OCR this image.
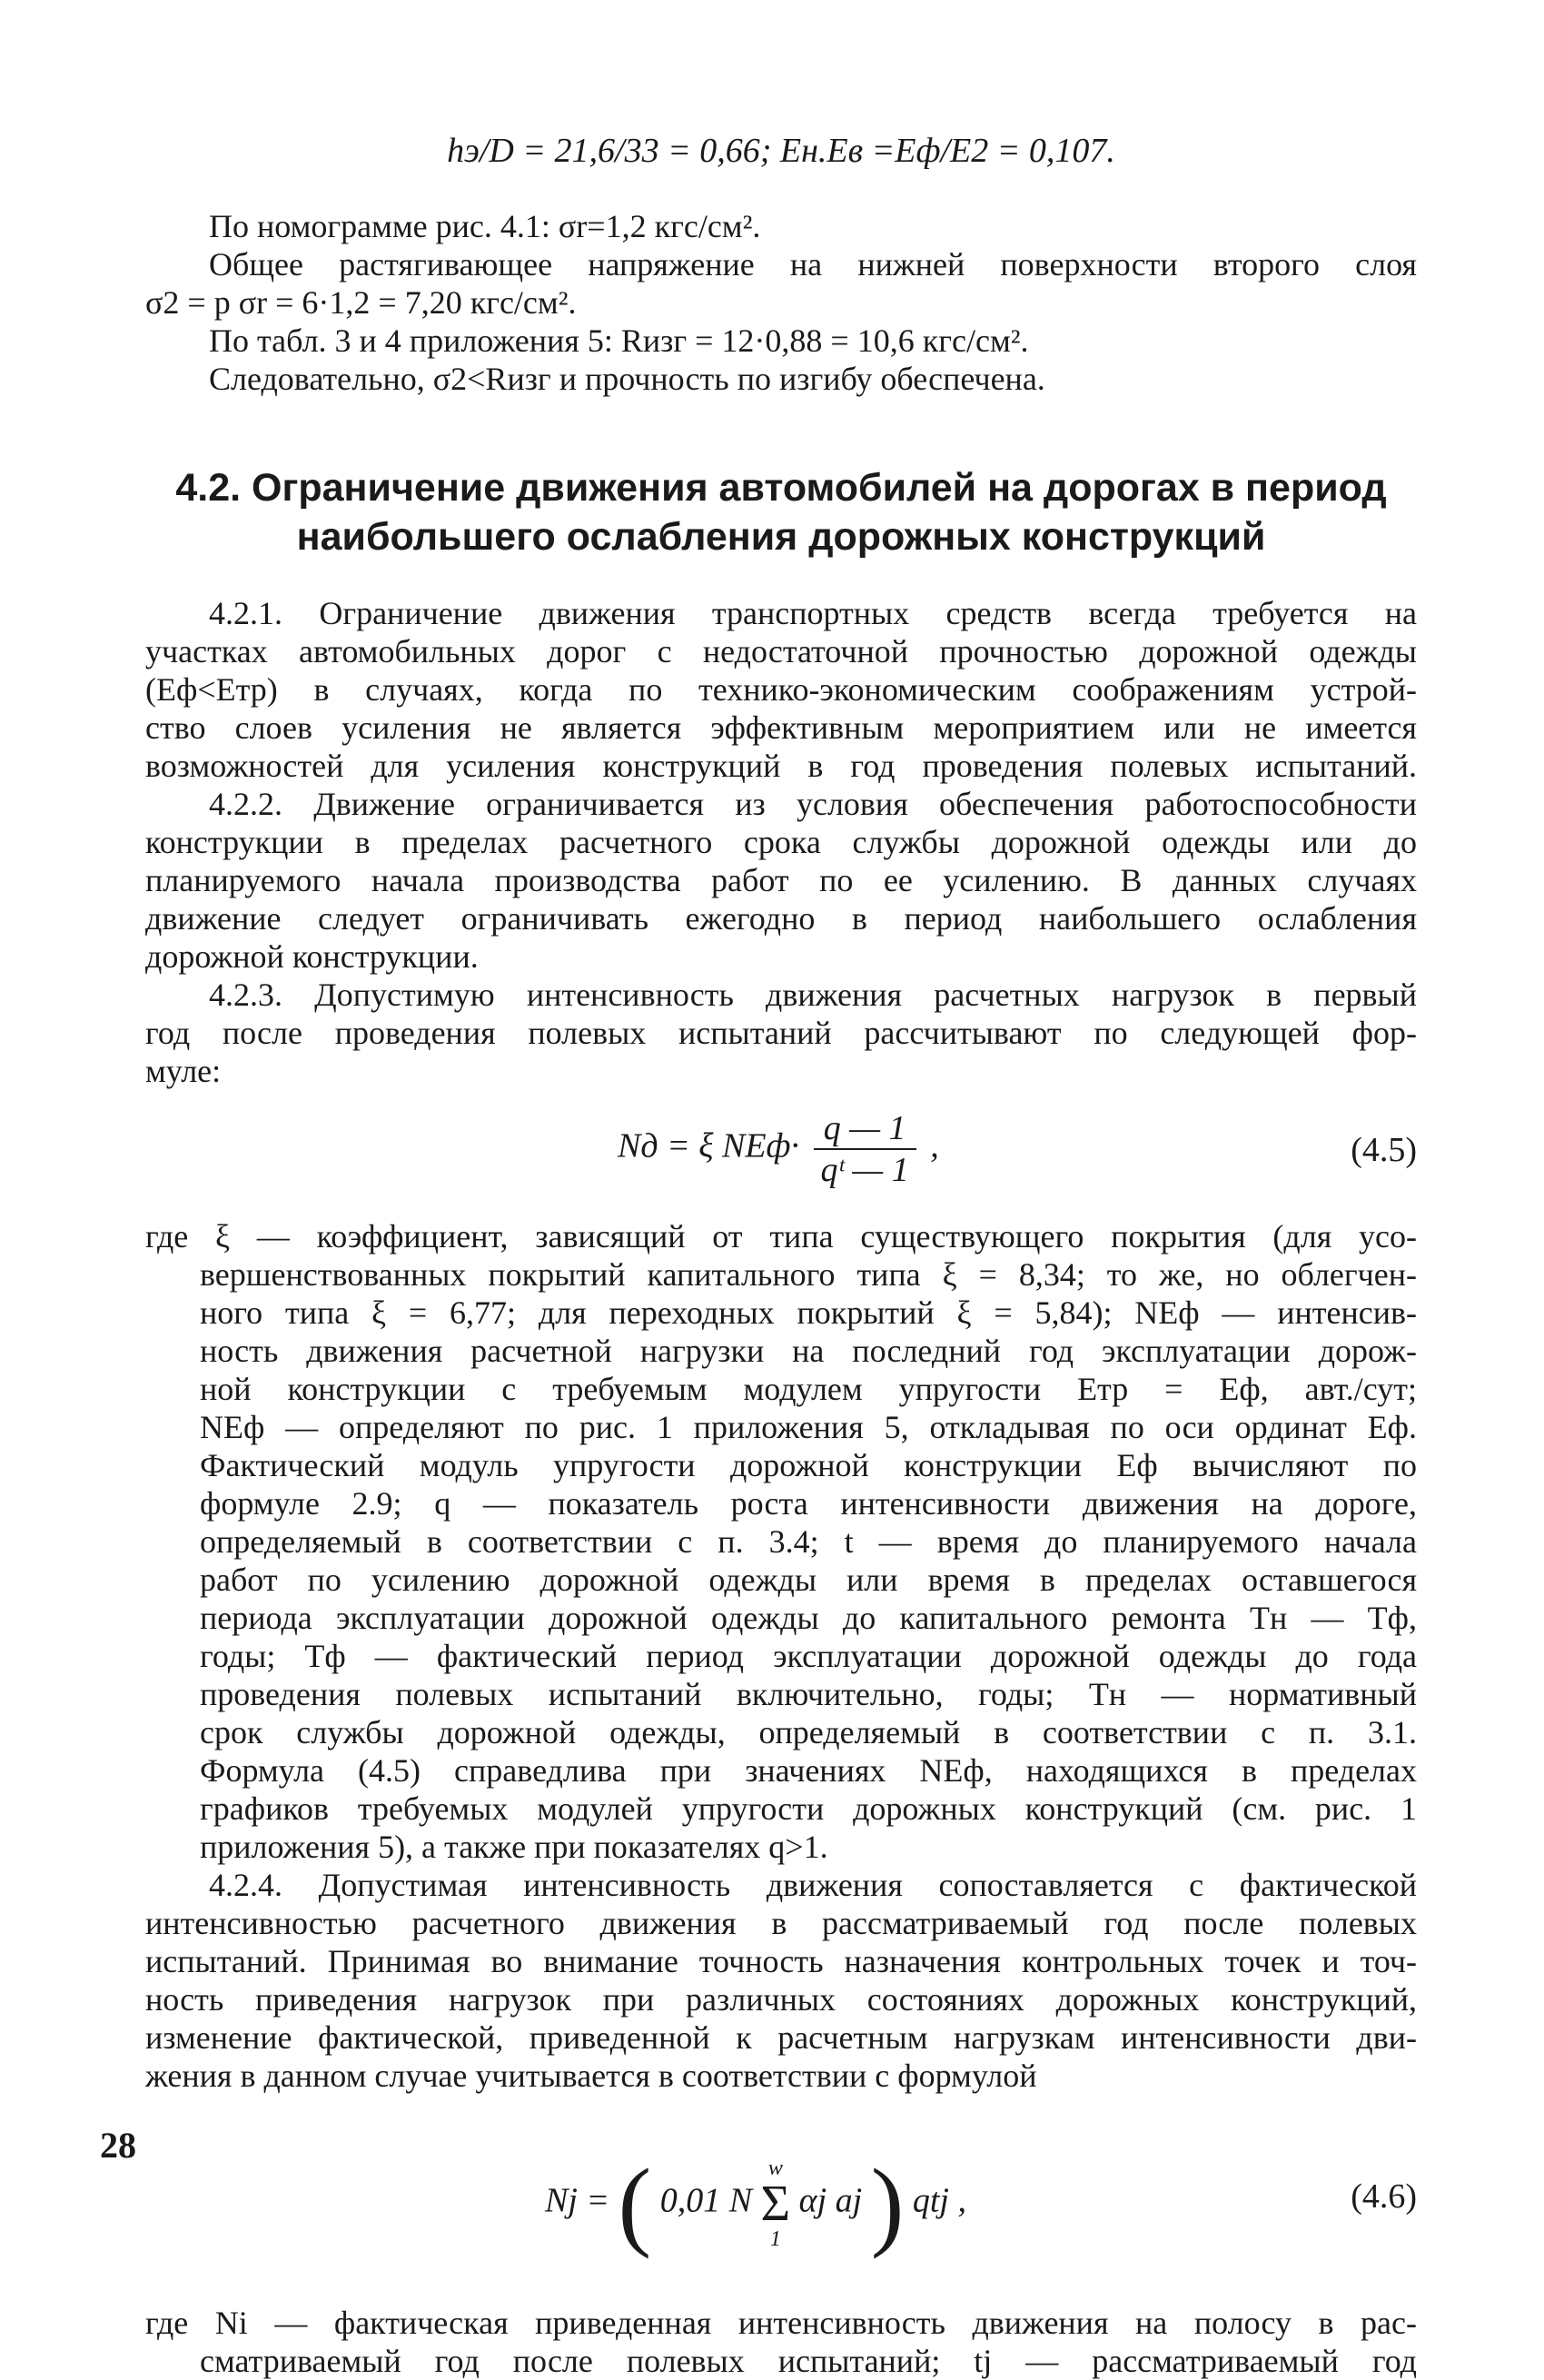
hэ/D = 21,6/33 = 0,66; Eн.Eв =Eф/E2 = 0,107.
По номограмме рис. 4.1: σr=1,2 кгс/см².
Общее растягивающее напряжение на нижней поверхности второго слоя
σ2 = p σr = 6·1,2 = 7,20 кгс/см².
По табл. 3 и 4 приложения 5: Rизг = 12·0,88 = 10,6 кгс/см².
Следовательно, σ2<Rизг и прочность по изгибу обеспечена.
4.2. Ограничение движения автомобилей на дорогах в период
наибольшего ослабления дорожных конструкций
4.2.1. Ограничение движения транспортных средств всегда требуется на
участках автомобильных дорог с недостаточной прочностью дорожной одежды
(Eф<Eтр) в случаях, когда по технико-экономическим соображениям устрой-
ство слоев усиления не является эффективным мероприятием или не имеется
возможностей для усиления конструкций в год проведения полевых испытаний.
4.2.2. Движение ограничивается из условия обеспечения работоспособности
конструкции в пределах расчетного срока службы дорожной одежды или до
планируемого начала производства работ по ее усилению. В данных случаях
движение следует ограничивать ежегодно в период наибольшего ослабления
дорожной конструкции.
4.2.3. Допустимую интенсивность движения расчетных нагрузок в первый
год после проведения полевых испытаний рассчитывают по следующей фор-
муле:
Nд = ξ $NEф\cdot \frac{q — 1}{\text{qᵗ — 1}}$ ,	(4.5)
где ξ — коэффициент, зависящий от типа существующего покрытия (для усо-
вершенствованных покрытий капитального типа ξ = 8,34; то же, но облегчен-
ного типа ξ = 6,77; для переходных покрытий ξ = 5,84); NEф — интенсив-
ность движения расчетной нагрузки на последний год эксплуатации дорож-
ной конструкции с требуемым модулем упругости Eтр = Eф, авт./сут;
NEф — определяют по рис. 1 приложения 5, откладывая по оси ординат Eф.
Фактический модуль упругости дорожной конструкции Eф вычисляют по
формуле 2.9; q — показатель роста интенсивности движения на дороге,
определяемый в соответствии с п. 3.4; t — время до планируемого начала
работ по усилению дорожной одежды или время в пределах оставшегося
периода эксплуатации дорожной одежды до капитального ремонта Tн — Tф,
годы; Tф — фактический период эксплуатации дорожной одежды до года
проведения полевых испытаний включительно, годы; Tн — нормативный
срок службы дорожной одежды, определяемый в соответствии с п. 3.1.
Формула (4.5) справедлива при значениях NEф, находящихся в пределах
графиков требуемых модулей упругости дорожных конструкций (см. рис. 1
приложения 5), а также при показателях q>1.
4.2.4. Допустимая интенсивность движения сопоставляется с фактической
интенсивностью расчетного движения в рассматриваемый год после полевых
испытаний. Принимая во внимание точность назначения контрольных точек и точ-
ность приведения нагрузок при различных состояниях дорожных конструкций,
изменение фактической, приведенной к расчетным нагрузкам интенсивности дви-
жения в данном случае учитывается в соответствии с формулой
Nj = ( 0,01 N
w
Σ
1
αj aj ) qtj ,	(4.6)
где Ni — фактическая приведенная интенсивность движения на полосу в рас-
сматриваемый год после полевых испытаний; tj — рассматриваемый год
28
